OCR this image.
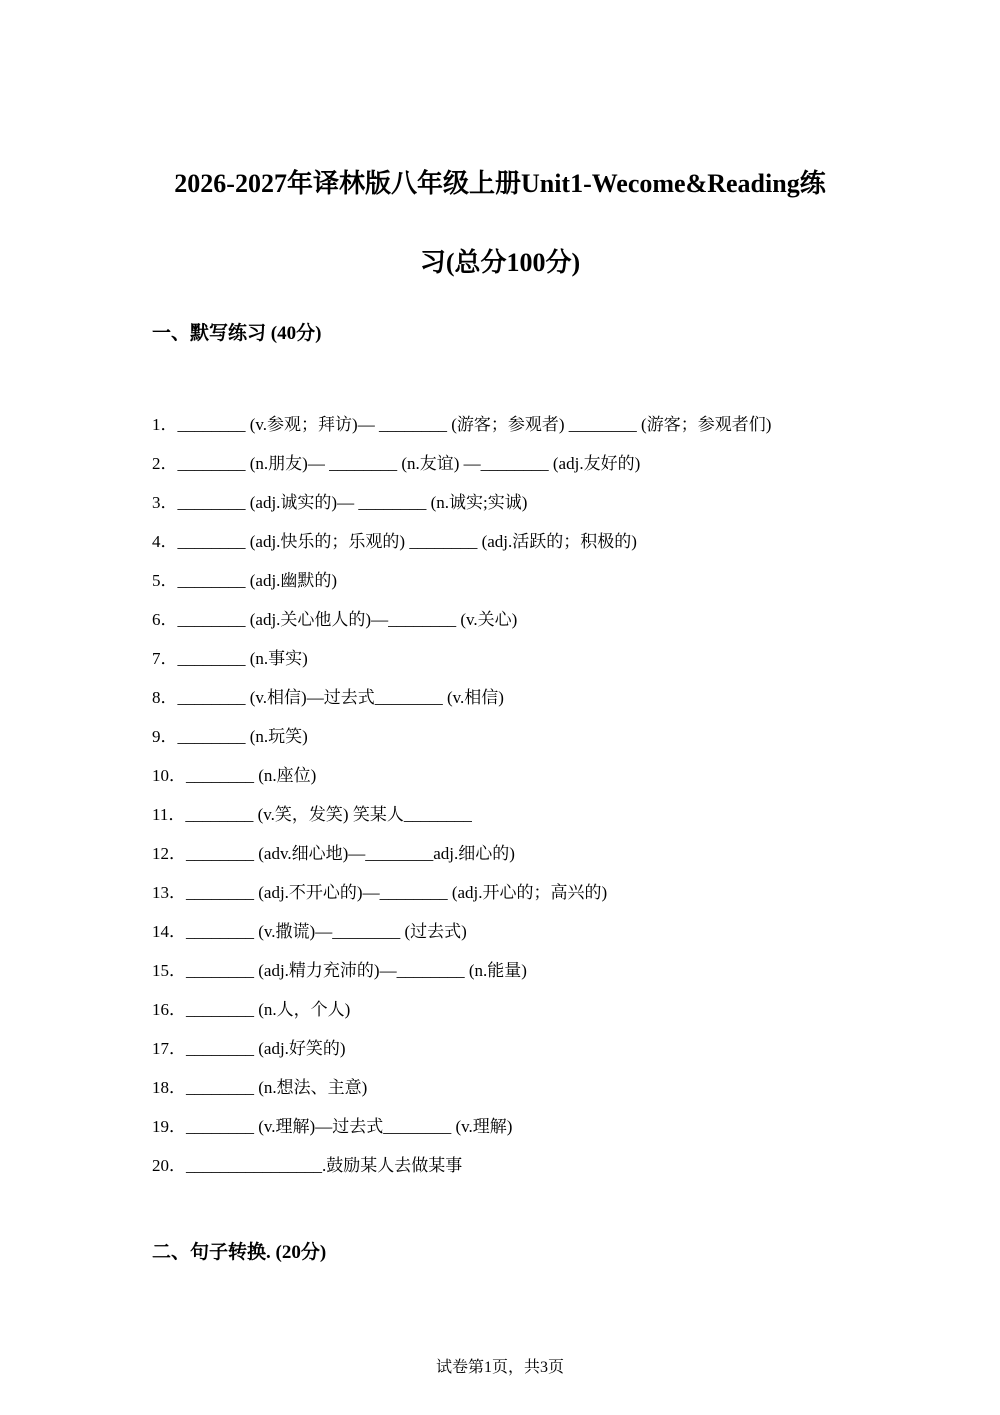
2026-2027年译林版八年级上册Unit1-Wecome&Reading练
习(总分100分)
一、默写练习 (40分)
1．________ (v.参观；拜访)— ________ (游客；参观者) ________ (游客；参观者们)
2．________ (n.朋友)— ________ (n.友谊) —________ (adj.友好的)
3．________ (adj.诚实的)— ________ (n.诚实;实诚)
4．________ (adj.快乐的；乐观的) ________ (adj.活跃的；积极的)
5．________ (adj.幽默的)
6．________ (adj.关心他人的)—________ (v.关心)
7．________ (n.事实)
8．________ (v.相信)—过去式________ (v.相信)
9．________ (n.玩笑)
10．________ (n.座位)
11．________ (v.笑，发笑) 笑某人________
12．________ (adv.细心地)—________adj.细心的)
13．________ (adj.不开心的)—________ (adj.开心的；高兴的)
14．________ (v.撒谎)—________ (过去式)
15．________ (adj.精力充沛的)—________ (n.能量)
16．________ (n.人，个人)
17．________ (adj.好笑的)
18．________ (n.想法、主意)
19．________ (v.理解)—过去式________ (v.理解)
20．________________.鼓励某人去做某事
二、句子转换. (20分)
试卷第1页，共3页
